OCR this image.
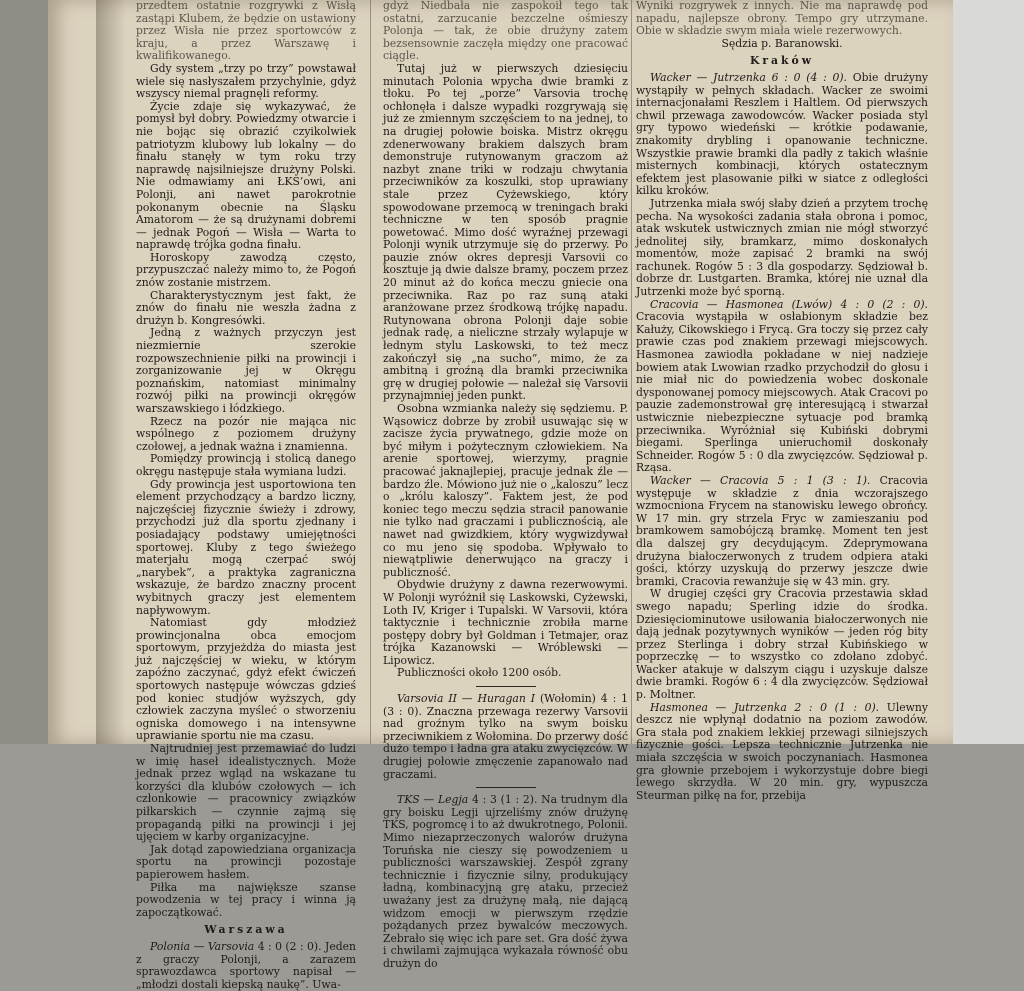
przedtem ostatnie rozgrywki z Wisłą zastąpi Klubem, że będzie on ustawiony przez Wisła nie przez sportowców z kraju, a przez Warszawę i kwalifikowanego.

Gdy system „trzy po trzy” powstawał wiele się nasłyszałem przychylnie, gdyż wszyscy niemal pragnęli reformy.

Życie zdaje się wykazywać, że pomysł był dobry. Powiedzmy otwarcie i nie bojąc się obrazić czyikolwiek patriotyzm klubowy lub lokalny — do finału stanęły w tym roku trzy naprawdę najsilniejsze drużyny Polski. Nie odmawiamy ani ŁKS’owi, ani Polonji, ani nawet parokrotnie pokonanym obecnie na Śląsku Amatorom — że są drużynami dobremi — jednak Pogoń — Wisła — Warta to naprawdę trójka godna finału.

Horoskopy zawodzą często, przypuszczać należy mimo to, że Pogoń znów zostanie mistrzem.

Charakterystycznym jest fakt, że znów do finału nie weszła żadna z drużyn b. Kongresówki.

Jedną z ważnych przyczyn jest niezmiernie szerokie rozpowszechnienie piłki na prowincji i zorganizowanie jej w Okręgu poznańskim, natomiast minimalny rozwój piłki na prowincji okręgów warszawskiego i łódzkiego.

Rzecz na pozór nie mająca nic wspólnego z poziomem drużyny czołowej, a jednak ważna i znamienna.

Pomiędzy prowincją i stolicą danego okręgu następuje stała wymiana ludzi.

Gdy prowincja jest usportowiona ten element przychodzący a bardzo liczny, najczęściej fizycznie świeży i zdrowy, przychodzi już dla sportu zjednany i posiadający podstawy umiejętności sportowej. Kluby z tego świeżego materjału mogą czerpać swój „narybek”, a praktyka zagraniczna wskazuje, że bardzo znaczny procent wybitnych graczy jest elementem napływowym.

Natomiast gdy młodzież prowincjonalna obca emocjom sportowym, przyjeżdża do miasta jest już najczęściej w wieku, w którym zapóźno zaczynać, gdyż efekt ćwiczeń sportowych następuje wówczas gdzieś pod koniec studjów wyższych, gdy człowiek zaczyna myśleć o stworzeniu ogniska domowego i na intensywne uprawianie sportu nie ma czasu.

Najtrudniej jest przemawiać do ludzi w imię haseł idealistycznych. Może jednak przez wgląd na wskazane tu korzyści dla klubów czołowych — ich członkowie — pracownicy związków piłkarskich — czynnie zajmą się propagandą piłki na prowincji i jej ujęciem w karby organizacyjne.

Jak dotąd zapowiedziana organizacja sportu na prowincji pozostaje papierowem hasłem.

Piłka ma największe szanse powodzenia w tej pracy i winna ją zapoczątkować.

Warszawa

Polonia — Varsovia 4 : 0 (2 : 0). Jeden z graczy Polonji, a zarazem sprawozdawca sportowy napisał — „młodzi dostali kiepską naukę”. Uwa-

gdyż Niedbała nie zaspokoił tego tak ostatni, zarzucanie bezczelne ośmieszy Polonja — tak, że obie drużyny zatem bezsensownie zaczęła między one pracować ciągle.

Tutaj już w pierwszych dziesięciu minutach Polonia wpycha dwie bramki z tłoku. Po tej „porze” Varsovia trochę ochłonęła i dalsze wypadki rozgrywają się już ze zmiennym szczęściem to na jednej, to na drugiej połowie boiska. Mistrz okręgu zdenerwowany brakiem dalszych bram demonstruje rutynowanym graczom aż nazbyt znane triki w rodzaju chwytania przeciwników za koszulki, stop uprawiany stale przez Cyżewskiego, który spowodowane przemocą w treningach braki techniczne w ten sposób pragnie powetować. Mimo dość wyraźnej przewagi Polonji wynik utrzymuje się do przerwy. Po pauzie znów okres depresji Varsovii co kosztuje ją dwie dalsze bramy, poczem przez 20 minut aż do końca meczu gniecie ona przeciwnika. Raz po raz suną ataki aranżowane przez środkową trójkę napadu. Rutynowana obrona Polonji daje sobie jednak radę, a nieliczne strzały wylapuje w łednym stylu Laskowski, to też mecz zakończył się „na sucho”, mimo, że za ambitną i groźną dla bramki przeciwnika grę w drugiej połowie — należał się Varsovii przynajmniej jeden punkt.

Osobna wzmianka należy się sędziemu. P. Wąsowicz dobrze by zrobił usuwając się w zacisze życia prywatnego, gdzie może on być miłym i pożytecznym człowiekiem. Na arenie sportowej, wierzymy, pragnie pracować jaknajlepiej, pracuje jednak źle — bardzo źle. Mówiono już nie o „kaloszu” lecz o „królu kaloszy”. Faktem jest, że pod koniec tego meczu sędzia stracił panowanie nie tylko nad graczami i publicznością, ale nawet nad gwizdkiem, który wygwizdywał co mu jeno się spodoba. Wpływało to niewątpliwie denerwująco na graczy i publiczność.

Obydwie drużyny z dawna rezerwowymi. W Polonji wyróżnił się Laskowski, Cyżewski, Loth IV, Kriger i Tupalski. W Varsovii, która taktycznie i technicznie zrobiła marne postępy dobry był Goldman i Tetmajer, oraz trójka Kazanowski — Wróblewski — Lipowicz.

Publiczności około 1200 osób.

Varsovia II — Huragan I (Wołomin) 4 : 1 (3 : 0). Znaczna przewaga rezerwy Varsovii nad groźnym tylko na swym boisku przeciwnikiem z Wołomina. Do przerwy dość dużo tempo i ładna gra ataku zwycięzców. W drugiej połowie zmęczenie zapanowało nad graczami.

TKS — Legja 4 : 3 (1 : 2). Na trudnym dla gry boisku Legji ujrzeliśmy znów drużynę TKS, pogromcę i to aż dwukrotnego, Polonii. Mimo niezaprzeczonych walorów drużyna Toruńska nie cieszy się powodzeniem u publiczności warszawskiej. Zespół zgrany technicznie i fizycznie silny, produkujący ładną, kombinacyjną grę ataku, przecież uważany jest za drużynę małą, nie dającą widzom emocji w pierwszym rzędzie pożądanych przez bywalców meczowych. Zebrało się więc ich pare set. Gra dość żywa i chwilami zajmująca wykazała równość obu drużyn do

Wyniki rozgrywek z innych. Nie ma naprawdę pod napadu, najlepsze obrony. Tempo gry utrzymane. Obie w składzie swym miała wiele rezerwowych.

Sędzia p. Baranowski.

Kraków

Wacker — Jutrzenka 6 : 0 (4 : 0). Obie drużyny wystąpiły w pełnych składach. Wacker ze swoimi internacjonałami Reszlem i Haltlem. Od pierwszych chwil przewaga zawodowców. Wacker posiada styl gry typowo wiedeński — krótkie podawanie, znakomity drybling i opanowanie techniczne. Wszystkie prawie bramki dla padły z takich właśnie misternych kombinacji, których ostatecznym efektem jest plasowanie piłki w siatce z odległości kilku kroków.

Jutrzenka miała swój słaby dzień a przytem trochę pecha. Na wysokości zadania stała obrona i pomoc, atak wskutek ustwicznych zmian nie mógł stworzyć jednolitej siły, bramkarz, mimo doskonałych momentów, może zapisać 2 bramki na swój rachunek. Rogów 5 : 3 dla gospodarzy. Sędziował b. dobrze dr. Lustgarten. Bramka, której nie uznał dla Jutrzenki może być sporną.

Cracovia — Hasmonea (Lwów) 4 : 0 (2 : 0). Cracovia wystąpiła w osłabionym składzie bez Kałuży, Cikowskiego i Frycą. Gra toczy się przez cały prawie czas pod znakiem przewagi miejscowych. Hasmonea zawiodła pokładane w niej nadzieje bowiem atak Lwowian rzadko przychodził do głosu i nie miał nic do powiedzenia wobec doskonale dysponowanej pomocy miejscowych. Atak Cracovi po pauzie zademonstrował grę interesującą i stwarzał ustwicznie niebezpieczne sytuacje pod bramką przeciwnika. Wyróżniał się Kubiński dobrymi biegami. Sperlinga unieruchomił doskonały Schneider. Rogów 5 : 0 dla zwycięzców. Sędziował p. Rząsa.

Wacker — Cracovia 5 : 1 (3 : 1). Cracovia występuje w składzie z dnia wczorajszego wzmocniona Frycem na stanowisku lewego obrońcy. W 17 min. gry strzela Fryc w zamieszaniu pod bramkowem samobójczą bramkę. Moment ten jest dla dalszej gry decydującym. Zdeprymowana drużyna białoczerwonych z trudem odpiera ataki gości, którzy uzyskują do przerwy jeszcze dwie bramki, Cracovia rewanżuje się w 43 min. gry.

W drugiej części gry Cracovia przestawia skład swego napadu; Sperling idzie do środka. Dziesięciominutowe usiłowania białoczerwonych nie dają jednak pozytywnych wyników — jeden róg bity przez Sterlinga i dobry strzał Kubińskiego w poprzeczkę — to wszystko co zdołano zdobyć. Wacker atakuje w dalszym ciągu i uzyskuje dalsze dwie bramki. Rogów 6 : 4 dla zwycięzców. Sędziował p. Moltner.

Hasmonea — Jutrzenka 2 : 0 (1 : 0). Ulewny deszcz nie wpłynął dodatnio na poziom zawodów. Gra stała pod znakiem lekkiej przewagi silniejszych fizycznie gości. Lepsza technicznie Jutrzenka nie miała szczęścia w swoich poczynaniach. Hasmonea gra głownie przebojem i wykorzystuje dobre biegi lewego skrzydła. W 20 min. gry, wypuszcza Steurman piłkę na for, przebija
